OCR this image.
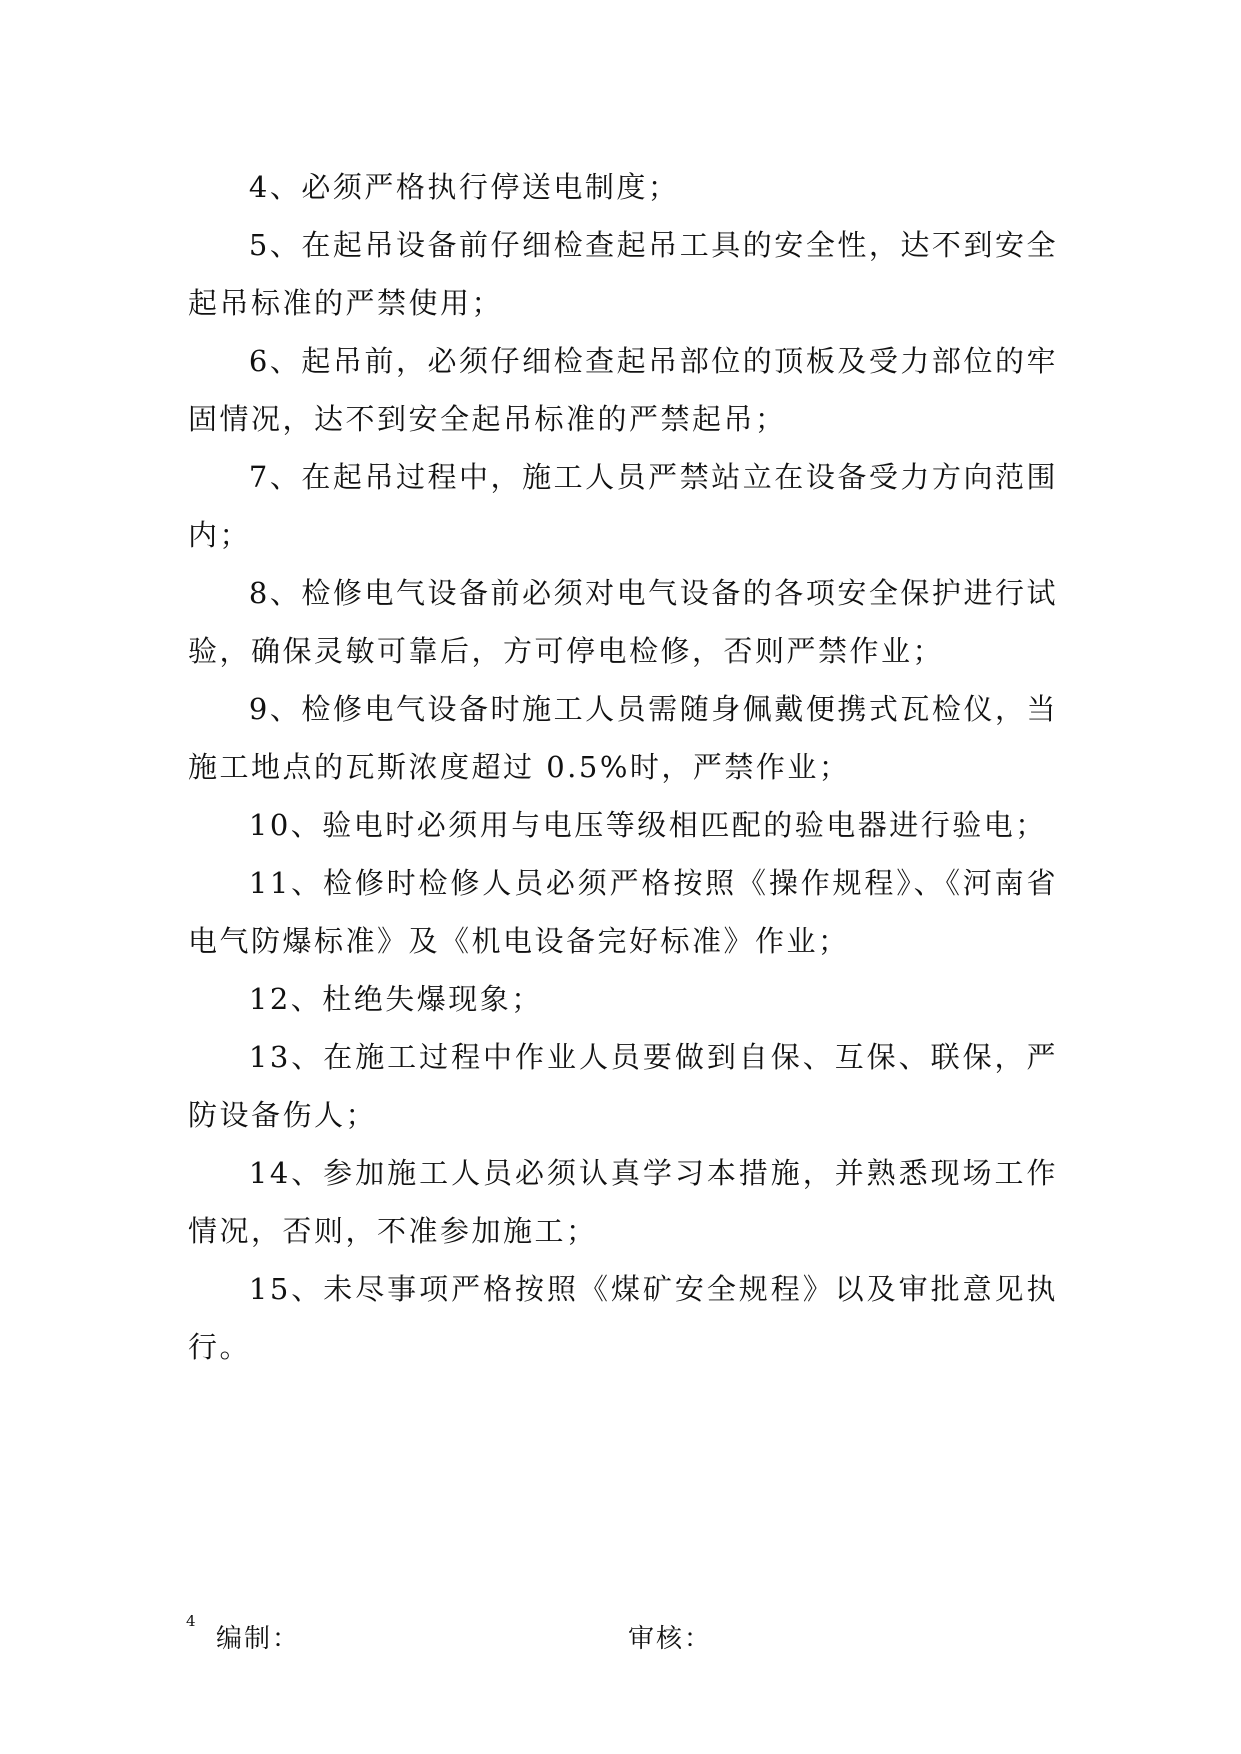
4、必须严格执行停送电制度；

5、在起吊设备前仔细检查起吊工具的安全性，达不到安全起吊标准的严禁使用；

6、起吊前，必须仔细检查起吊部位的顶板及受力部位的牢固情况，达不到安全起吊标准的严禁起吊；

7、在起吊过程中，施工人员严禁站立在设备受力方向范围内；

8、检修电气设备前必须对电气设备的各项安全保护进行试验，确保灵敏可靠后，方可停电检修，否则严禁作业；

9、检修电气设备时施工人员需随身佩戴便携式瓦检仪，当施工地点的瓦斯浓度超过 0.5%时，严禁作业；

10、验电时必须用与电压等级相匹配的验电器进行验电；

11、检修时检修人员必须严格按照《操作规程》、《河南省电气防爆标准》及《机电设备完好标准》作业；

12、杜绝失爆现象；

13、在施工过程中作业人员要做到自保、互保、联保，严防设备伤人；

14、参加施工人员必须认真学习本措施，并熟悉现场工作情况，否则，不准参加施工；

15、未尽事项严格按照《煤矿安全规程》以及审批意见执行。

4
编制：	审核：
